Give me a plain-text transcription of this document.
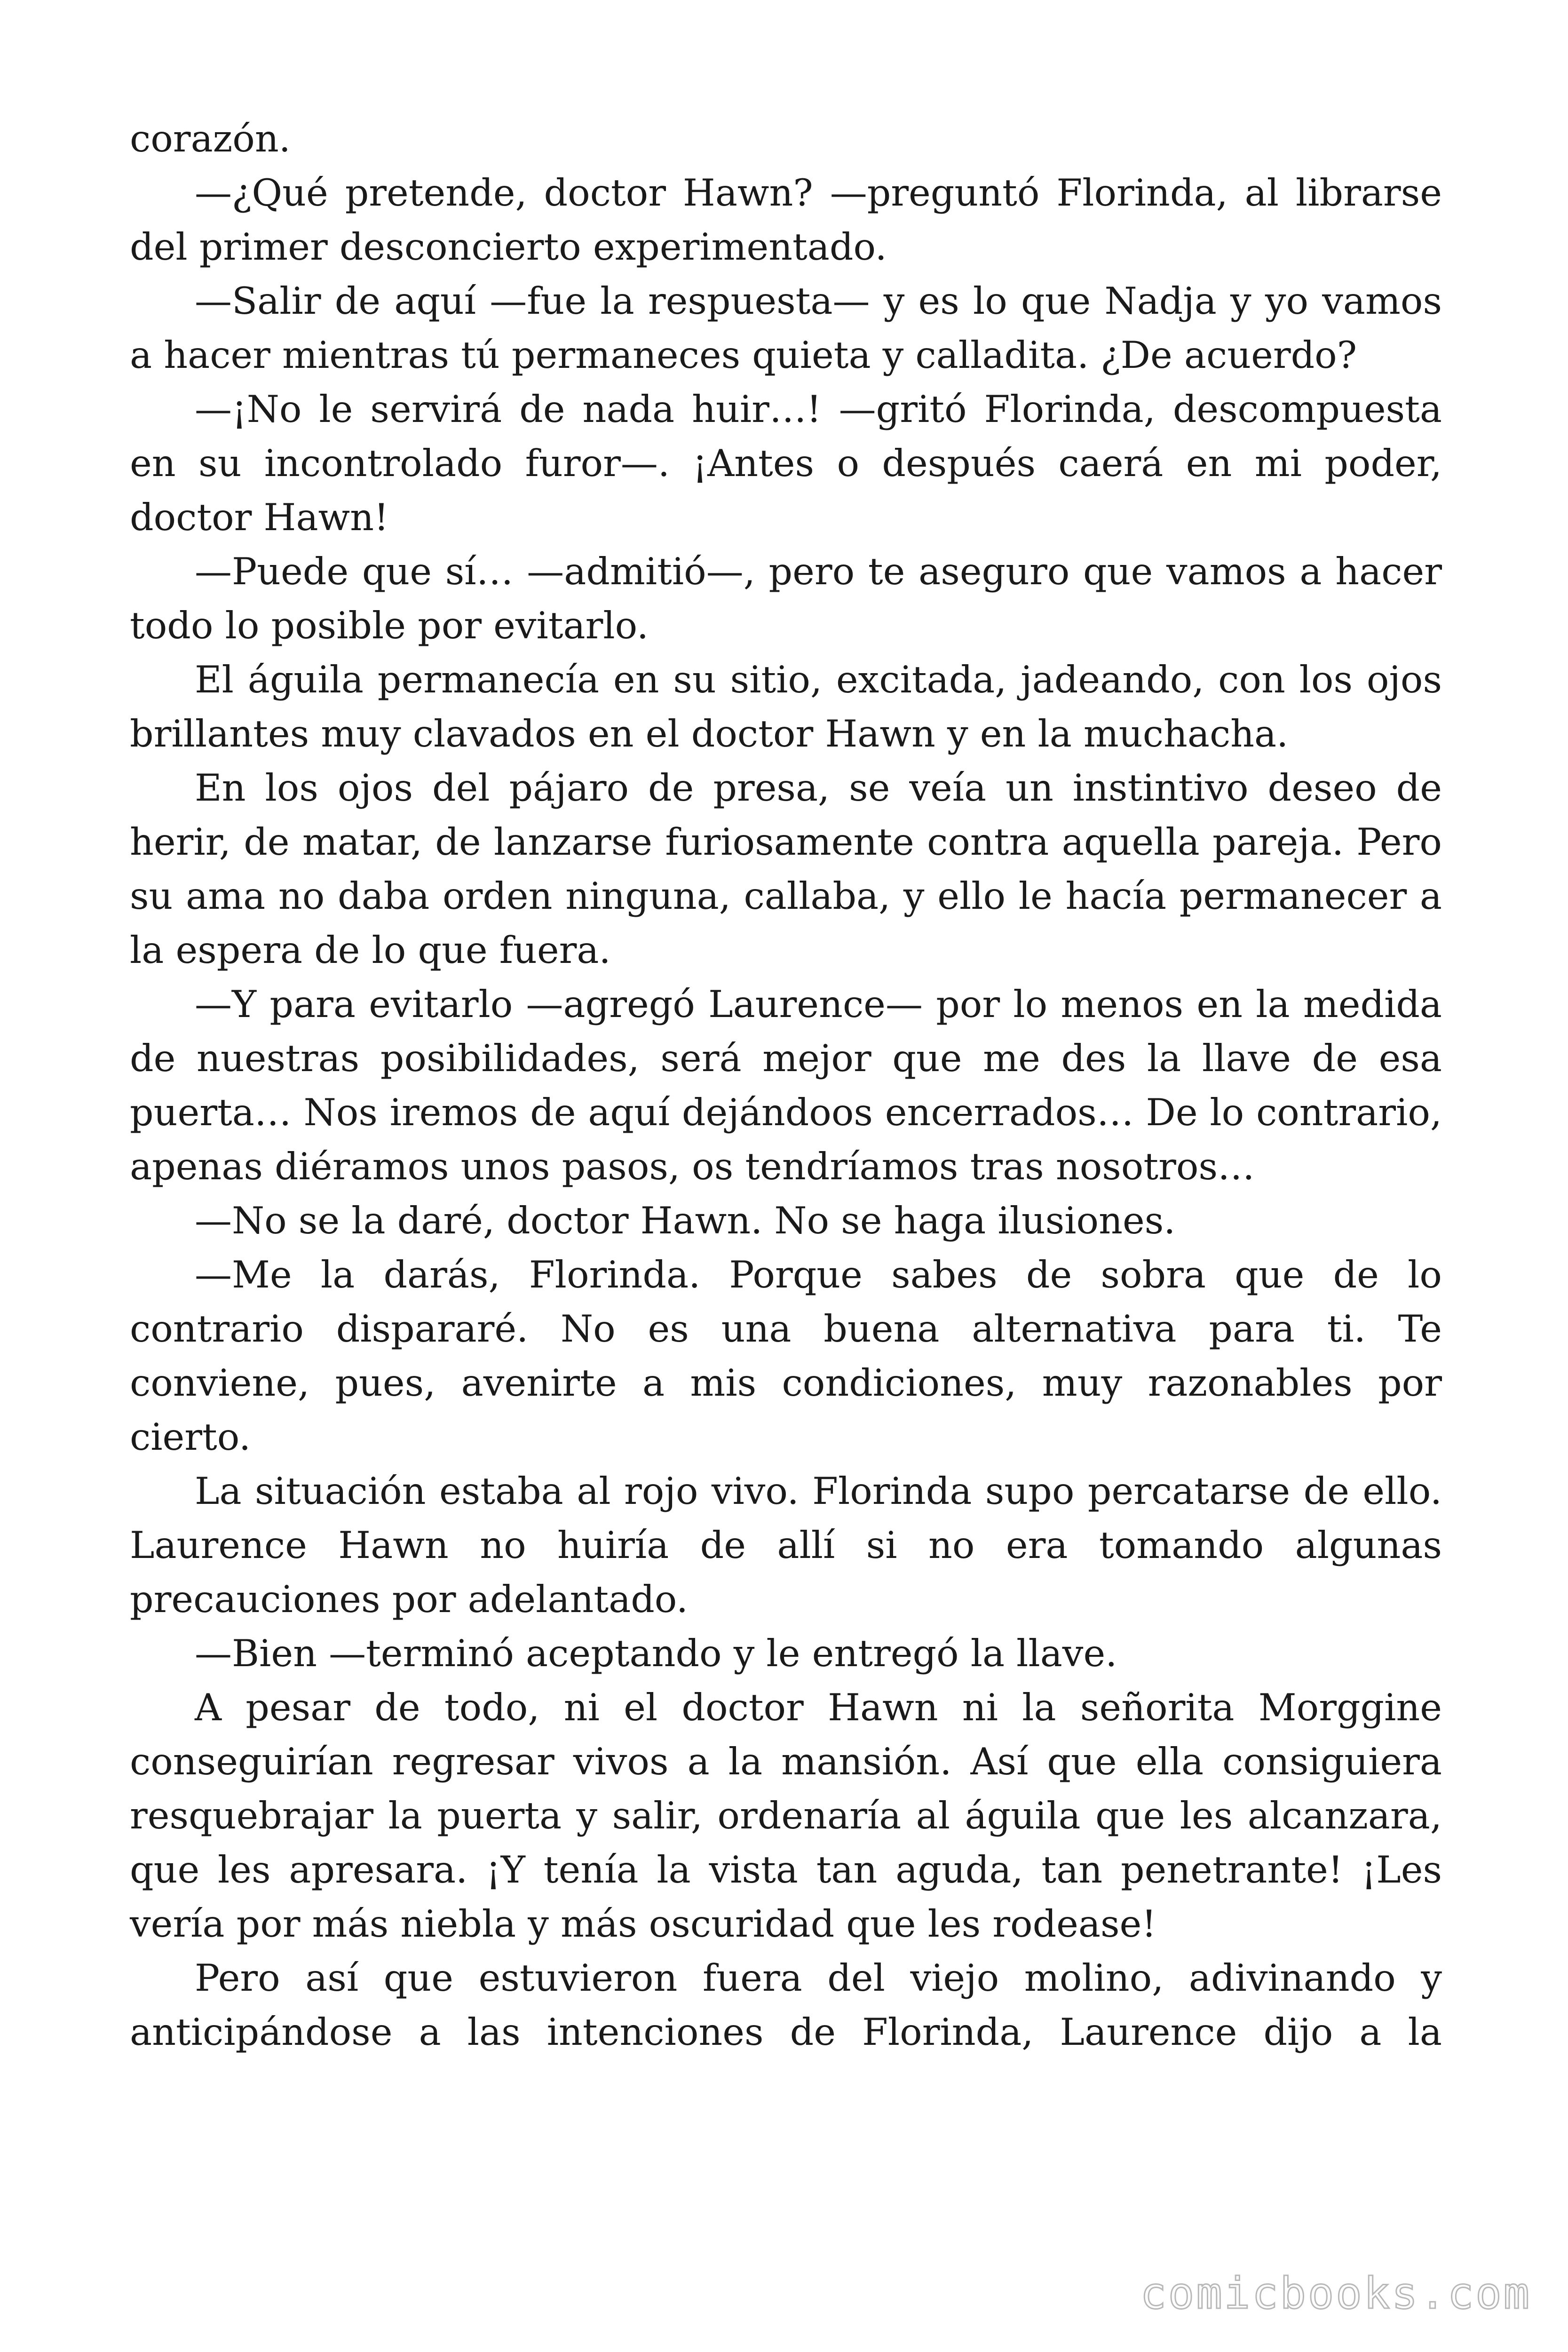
corazón.

—¿Qué pretende, doctor Hawn? —preguntó Florinda, al librarse del primer desconcierto experimentado.

—Salir de aquí —fue la respuesta— y es lo que Nadja y yo vamos a hacer mientras tú permaneces quieta y calladita. ¿De acuerdo?

—¡No le servirá de nada huir…! —gritó Florinda, descompuesta en su incontrolado furor—. ¡Antes o después caerá en mi poder, doctor Hawn!

—Puede que sí… —admitió—, pero te aseguro que vamos a hacer todo lo posible por evitarlo.

El águila permanecía en su sitio, excitada, jadeando, con los ojos brillantes muy clavados en el doctor Hawn y en la muchacha.

En los ojos del pájaro de presa, se veía un instintivo deseo de herir, de matar, de lanzarse furiosamente contra aquella pareja. Pero su ama no daba orden ninguna, callaba, y ello le hacía permanecer a la espera de lo que fuera.

—Y para evitarlo —agregó Laurence— por lo menos en la medida de nuestras posibilidades, será mejor que me des la llave de esa puerta… Nos iremos de aquí dejándoos encerrados… De lo contrario, apenas diéramos unos pasos, os tendríamos tras nosotros…

—No se la daré, doctor Hawn. No se haga ilusiones.

—Me la darás, Florinda. Porque sabes de sobra que de lo contrario dispararé. No es una buena alternativa para ti. Te conviene, pues, avenirte a mis condiciones, muy razonables por cierto.

La situación estaba al rojo vivo. Florinda supo percatarse de ello. Laurence Hawn no huiría de allí si no era tomando algunas precauciones por adelantado.

—Bien —terminó aceptando y le entregó la llave.

A pesar de todo, ni el doctor Hawn ni la señorita Morggine conseguirían regresar vivos a la mansión. Así que ella consiguiera resquebrajar la puerta y salir, ordenaría al águila que les alcanzara, que les apresara. ¡Y tenía la vista tan aguda, tan penetrante! ¡Les vería por más niebla y más oscuridad que les rodease!

Pero así que estuvieron fuera del viejo molino, adivinando y anticipándose a las intenciones de Florinda, Laurence dijo a la

comicbooks.com
